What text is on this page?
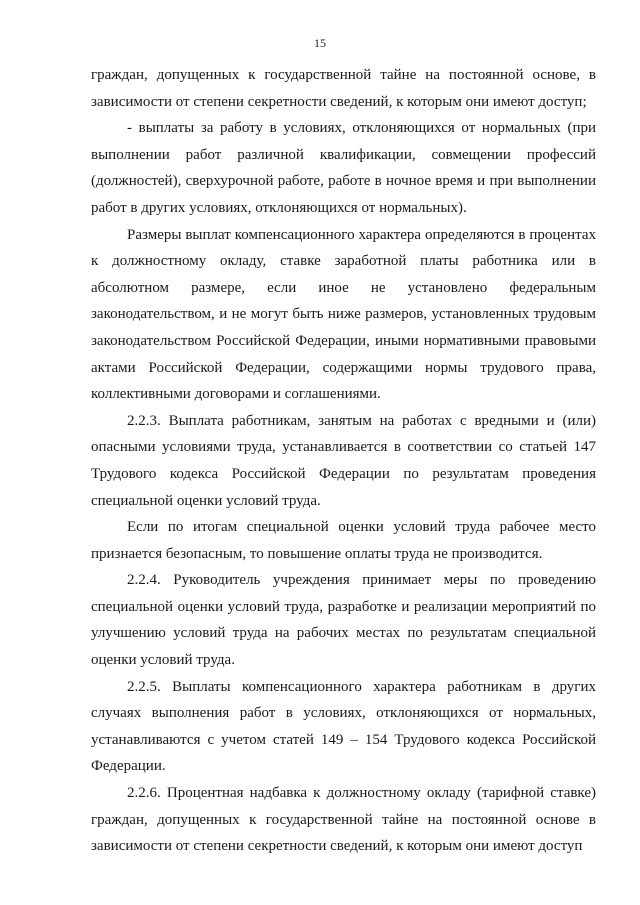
15

граждан, допущенных к государственной тайне на постоянной основе, в зависимости от степени секретности сведений, к которым они имеют доступ;

- выплаты за работу в условиях, отклоняющихся от нормальных (при выполнении работ различной квалификации, совмещении профессий (должностей), сверхурочной работе, работе в ночное время и при выполнении работ в других условиях, отклоняющихся от нормальных).

Размеры выплат компенсационного характера определяются в процентах к должностному окладу, ставке заработной платы работника или в абсолютном размере, если иное не установлено федеральным законодательством, и не могут быть ниже размеров, установленных трудовым законодательством Российской Федерации, иными нормативными правовыми актами Российской Федерации, содержащими нормы трудового права, коллективными договорами и соглашениями.

2.2.3. Выплата работникам, занятым на работах с вредными и (или) опасными условиями труда, устанавливается в соответствии со статьей 147 Трудового кодекса Российской Федерации по результатам проведения специальной оценки условий труда.

Если по итогам специальной оценки условий труда рабочее место признается безопасным, то повышение оплаты труда не производится.

2.2.4. Руководитель учреждения принимает меры по проведению специальной оценки условий труда, разработке и реализации мероприятий по улучшению условий труда на рабочих местах по результатам специальной оценки условий труда.

2.2.5. Выплаты компенсационного характера работникам в других случаях выполнения работ в условиях, отклоняющихся от нормальных, устанавливаются с учетом статей 149 – 154 Трудового кодекса Российской Федерации.

2.2.6. Процентная надбавка к должностному окладу (тарифной ставке) граждан, допущенных к государственной тайне на постоянной основе в зависимости от степени секретности сведений, к которым они имеют доступ
